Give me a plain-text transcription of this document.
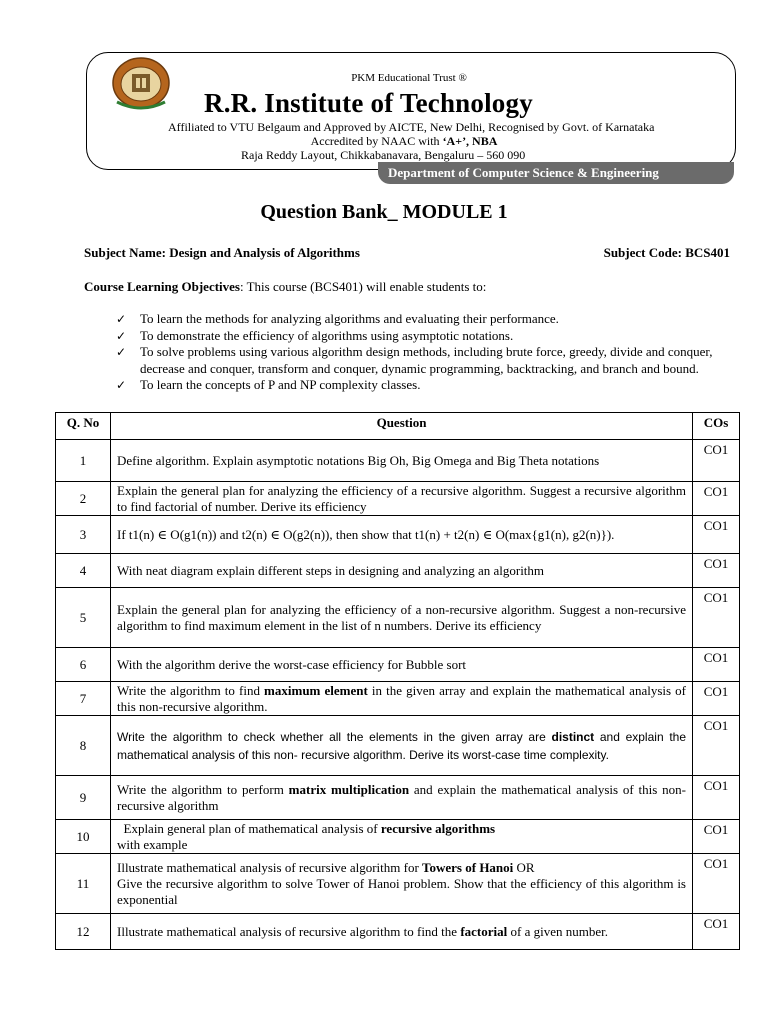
PKM Educational Trust ®
R.R. Institute of Technology
Affiliated to VTU Belgaum and Approved by AICTE, New Delhi, Recognised by Govt. of Karnataka
Accredited by NAAC with ‘A+’, NBA
Raja Reddy Layout, Chikkabanavara, Bengaluru – 560 090
Department of Computer Science & Engineering
Question Bank_ MODULE 1
Subject Name: Design and Analysis of Algorithms	Subject Code: BCS401
Course Learning Objectives: This course (BCS401) will enable students to:
✓ To learn the methods for analyzing algorithms and evaluating their performance.
✓ To demonstrate the efficiency of algorithms using asymptotic notations.
✓ To solve problems using various algorithm design methods, including brute force, greedy, divide and conquer, decrease and conquer, transform and conquer, dynamic programming, backtracking, and branch and bound.
✓ To learn the concepts of P and NP complexity classes.
Q. No	Question	COs
1	Define algorithm. Explain asymptotic notations Big Oh, Big Omega and Big Theta notations	CO1
2	Explain the general plan for analyzing the efficiency of a recursive algorithm. Suggest a recursive algorithm to find factorial of number. Derive its efficiency	CO1
3	If t1(n) ∈ O(g1(n)) and t2(n) ∈ O(g2(n)), then show that t1(n) + t2(n) ∈ O(max{g1(n), g2(n)}).	CO1
4	With neat diagram explain different steps in designing and analyzing an algorithm	CO1
5	Explain the general plan for analyzing the efficiency of a non-recursive algorithm. Suggest a non-recursive algorithm to find maximum element in the list of n numbers. Derive its efficiency	CO1
6	With the algorithm derive the worst-case efficiency for Bubble sort	CO1
7	Write the algorithm to find maximum element in the given array and explain the mathematical analysis of this non-recursive algorithm.	CO1
8	Write the algorithm to check whether all the elements in the given array are distinct and explain the mathematical analysis of this non- recursive algorithm. Derive its worst-case time complexity.	CO1
9	Write the algorithm to perform matrix multiplication and explain the mathematical analysis of this non-recursive algorithm	CO1
10	Explain general plan of mathematical analysis of recursive algorithms
with example	CO1
11	Illustrate mathematical analysis of recursive algorithm for Towers of Hanoi OR
Give the recursive algorithm to solve Tower of Hanoi problem. Show that the efficiency of this algorithm is exponential	CO1
12	Illustrate mathematical analysis of recursive algorithm to find the factorial of a given number.	CO1
